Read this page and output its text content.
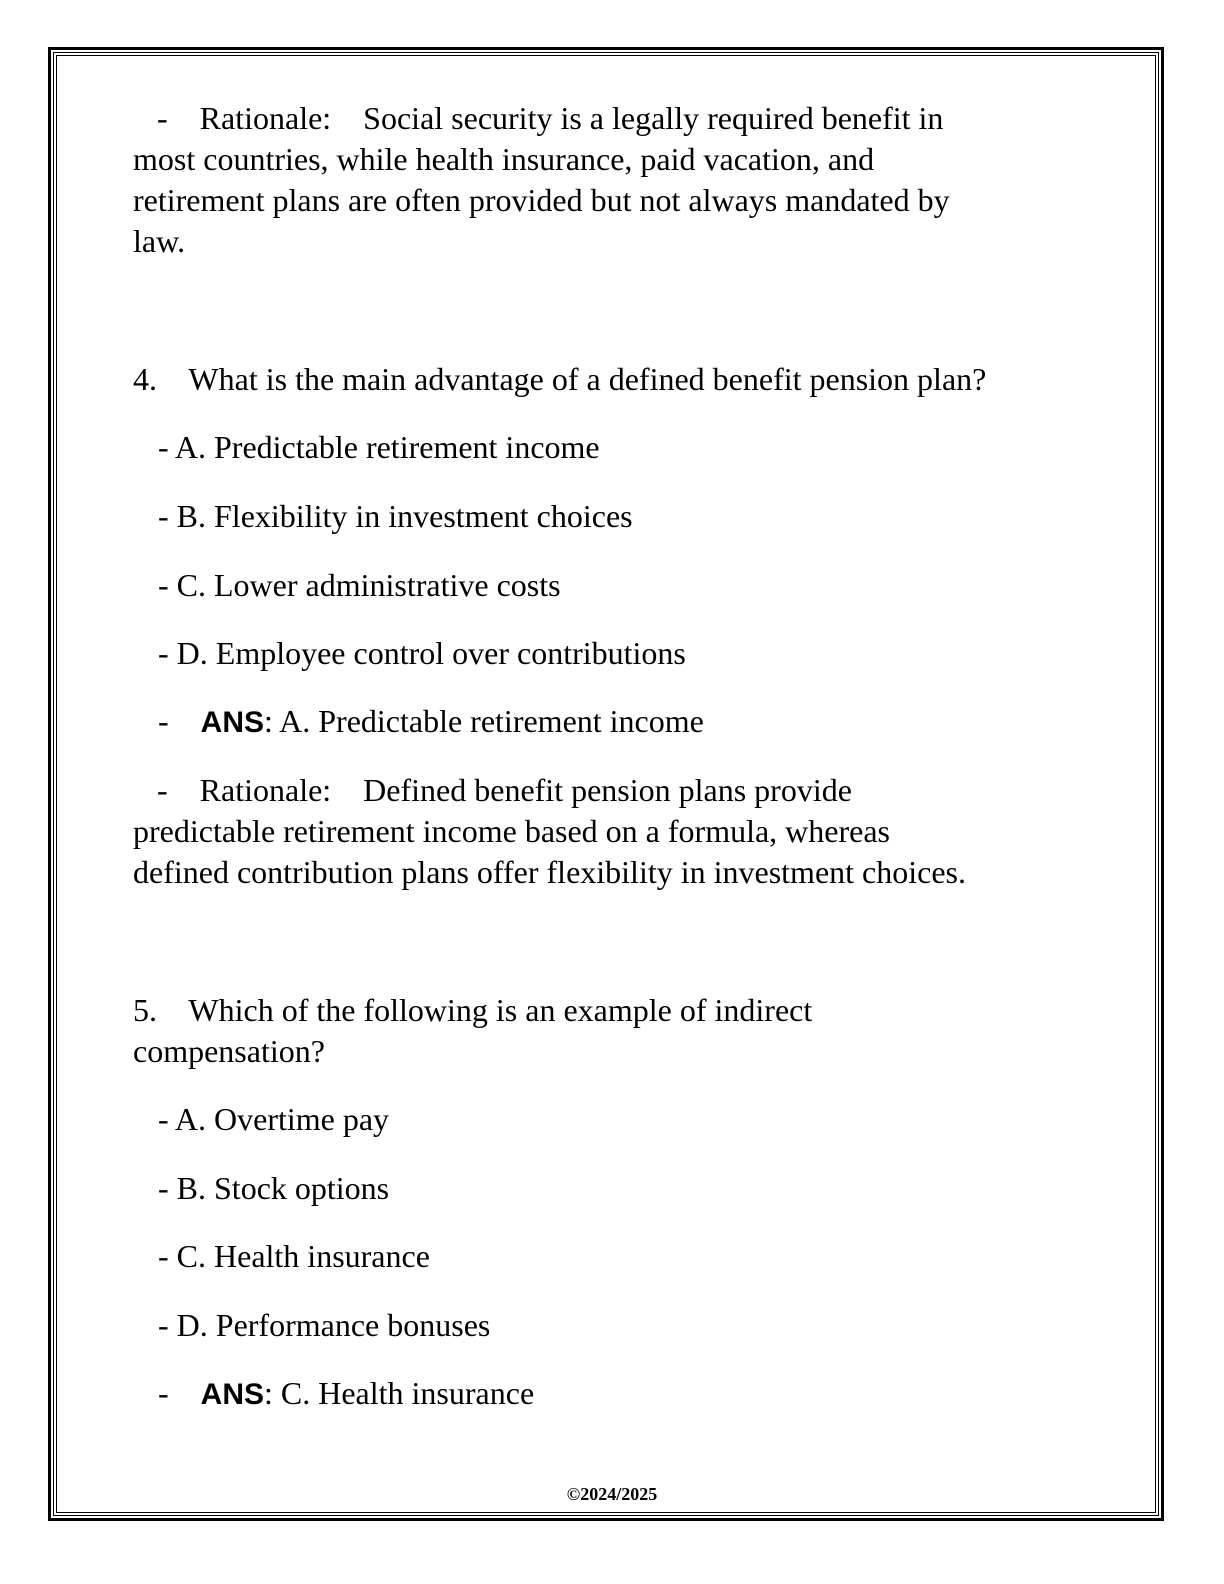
-    Rationale:    Social security is a legally required benefit in
most countries, while health insurance, paid vacation, and
retirement plans are often provided but not always mandated by
law.
4.    What is the main advantage of a defined benefit pension plan?
- A. Predictable retirement income
- B. Flexibility in investment choices
- C. Lower administrative costs
- D. Employee control over contributions
-    ANS: A. Predictable retirement income
-    Rationale:    Defined benefit pension plans provide
predictable retirement income based on a formula, whereas
defined contribution plans offer flexibility in investment choices.
5.    Which of the following is an example of indirect
compensation?
- A. Overtime pay
- B. Stock options
- C. Health insurance
- D. Performance bonuses
-    ANS: C. Health insurance
©2024/2025
